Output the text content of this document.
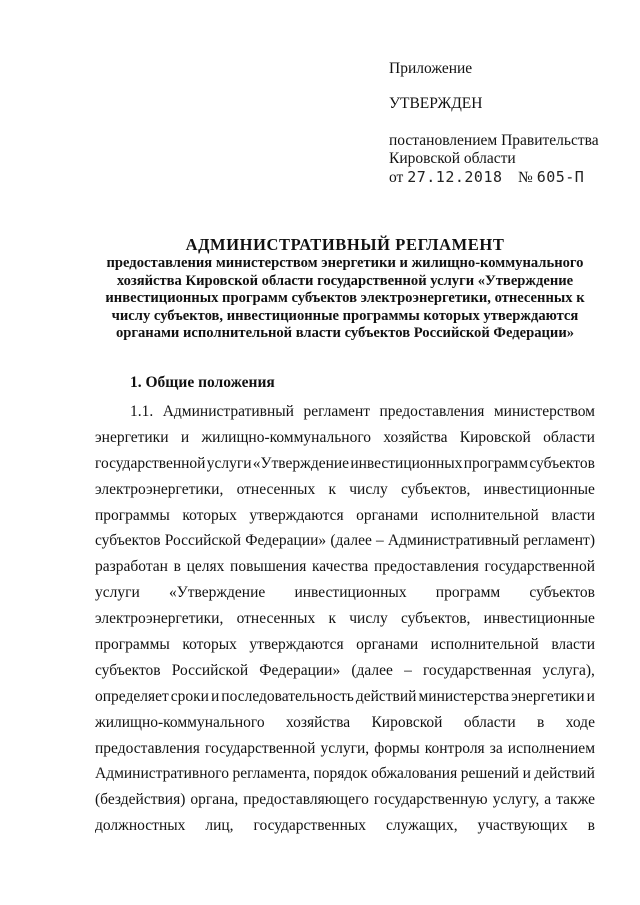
Приложение
УТВЕРЖДЕН
постановлением Правительства
Кировской области
от 27.12.2018 № 605-П

АДМИНИСТРАТИВНЫЙ РЕГЛАМЕНТ

предоставления министерством энергетики и жилищно-коммунального

хозяйства Кировской области государственной услуги «Утверждение

инвестиционных программ субъектов электроэнергетики, отнесенных к

числу субъектов, инвестиционные программы которых утверждаются

органами исполнительной власти субъектов Российской Федерации»

1. Общие положения
1.1. Административный регламент предоставления министерством
энергетики и жилищно-коммунального хозяйства Кировской области
государственной услуги «Утверждение инвестиционных программ субъектов
электроэнергетики, отнесенных к числу субъектов, инвестиционные
программы которых утверждаются органами исполнительной власти
субъектов Российской Федерации» (далее – Административный регламент)
разработан в целях повышения качества предоставления государственной
услуги «Утверждение инвестиционных программ субъектов
электроэнергетики, отнесенных к числу субъектов, инвестиционные
программы которых утверждаются органами исполнительной власти
субъектов Российской Федерации» (далее – государственная услуга),
определяет сроки и последовательность действий министерства энергетики и
жилищно-коммунального хозяйства Кировской области в ходе
предоставления государственной услуги, формы контроля за исполнением
Административного регламента, порядок обжалования решений и действий
(бездействия) органа, предоставляющего государственную услугу, а также
должностных лиц, государственных служащих, участвующих в
